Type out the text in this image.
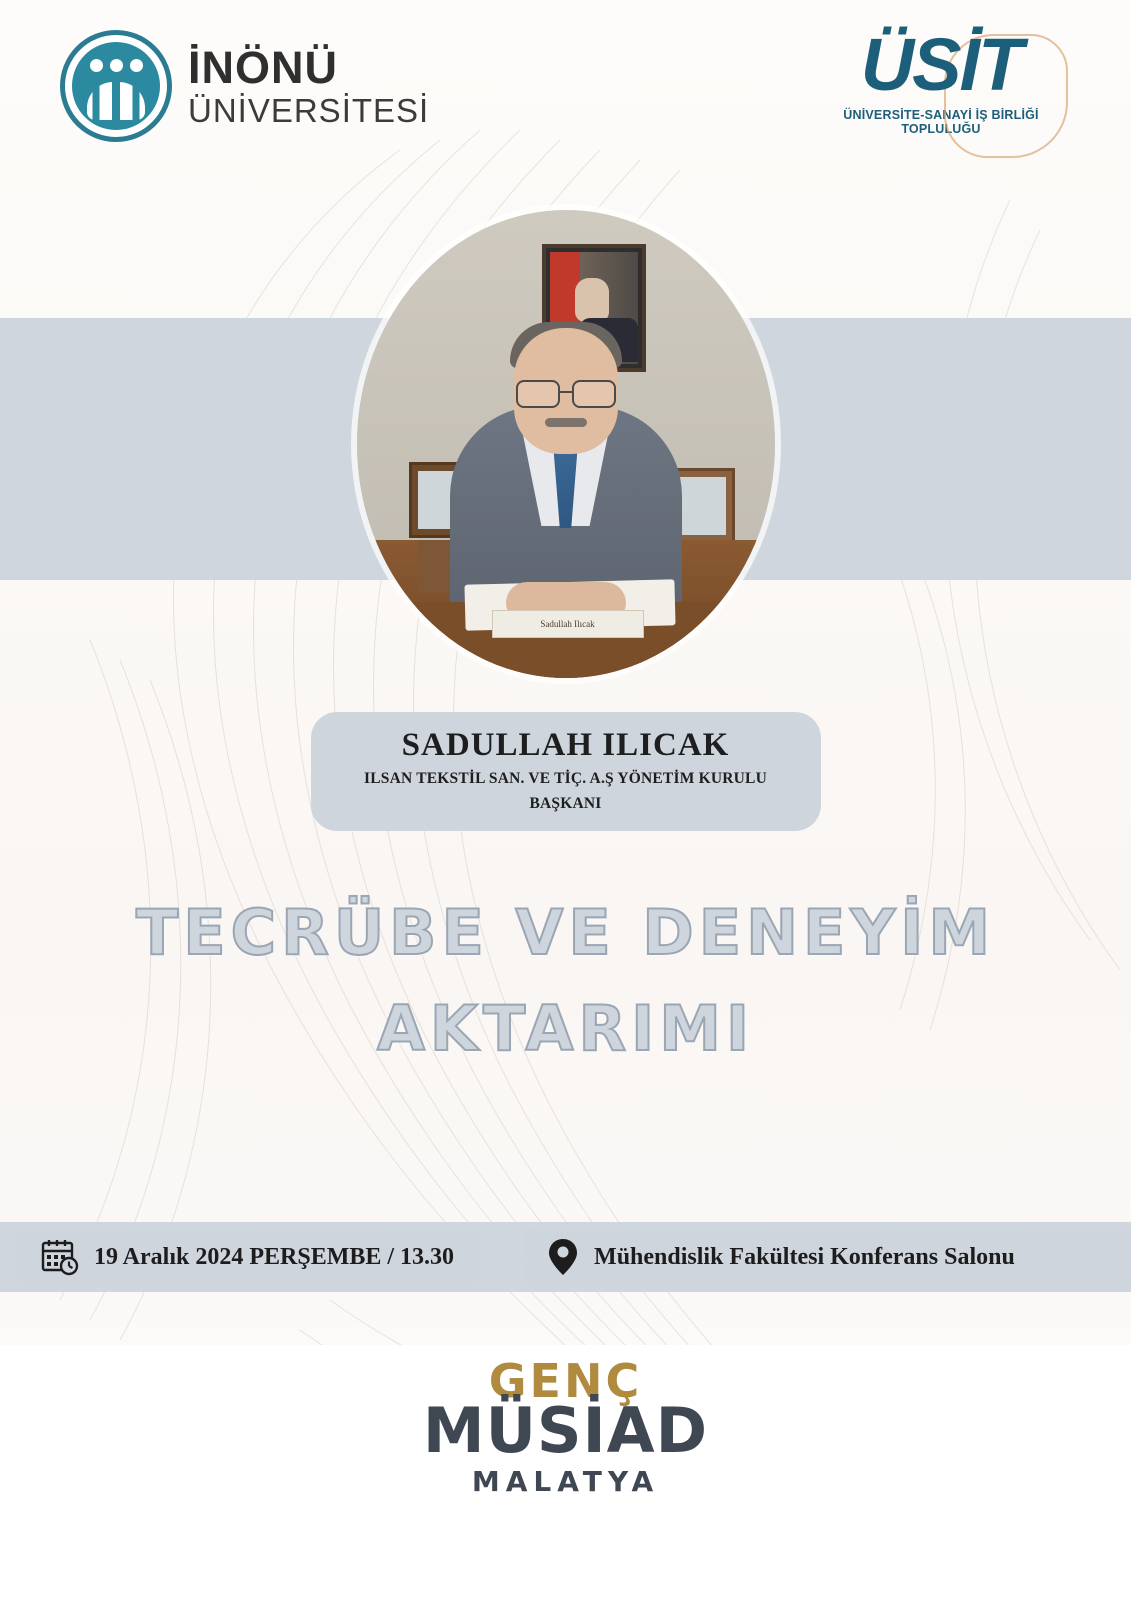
İNÖNÜ
ÜNİVERSİTESİ
ÜSİT
ÜNİVERSİTE-SANAYİ İŞ BİRLİĞİ TOPLULUĞU
Sadullah Ilıcak
SADULLAH ILICAK
ILSAN TEKSTİL SAN. VE TİÇ. A.Ş YÖNETİM KURULU
BAŞKANI
TECRÜBE VE DENEYİM
AKTARIMI
19 Aralık 2024 PERŞEMBE / 13.30	Mühendislik Fakültesi Konferans Salonu
GENÇ
MÜSİAD
MALATYA
